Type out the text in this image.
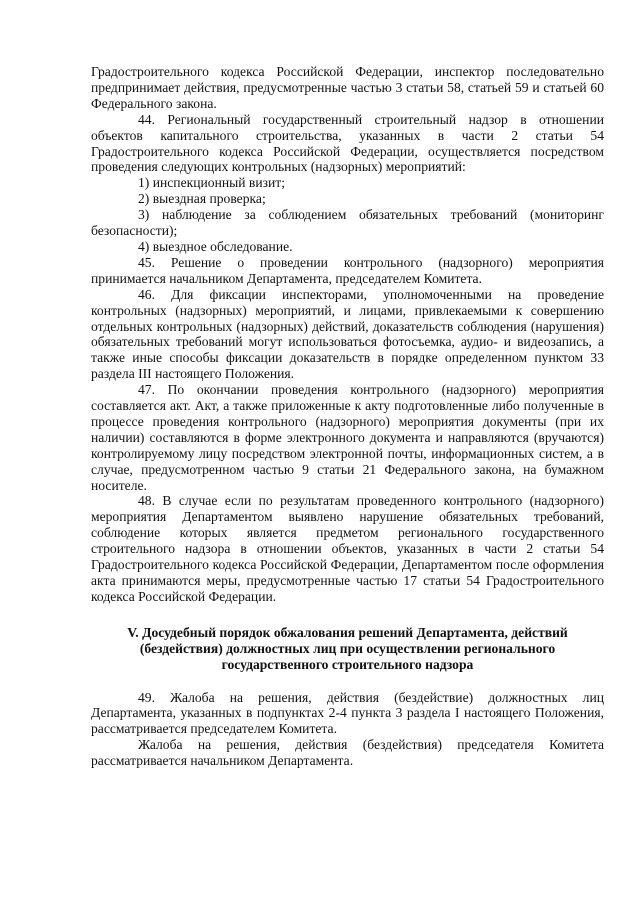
Градостроительного кодекса Российской Федерации, инспектор последовательно предпринимает действия, предусмотренные частью 3 статьи 58, статьей 59 и статьей 60 Федерального закона.

44. Региональный государственный строительный надзор в отношении объектов капитального строительства, указанных в части 2 статьи 54 Градостроительного кодекса Российской Федерации, осуществляется посредством проведения следующих контрольных (надзорных) мероприятий:

1) инспекционный визит;

2) выездная проверка;

3) наблюдение за соблюдением обязательных требований (мониторинг безопасности);

4) выездное обследование.

45. Решение о проведении контрольного (надзорного) мероприятия принимается начальником Департамента, председателем Комитета.

46. Для фиксации инспекторами, уполномоченными на проведение контрольных (надзорных) мероприятий, и лицами, привлекаемыми к совершению отдельных контрольных (надзорных) действий, доказательств соблюдения (нарушения) обязательных требований могут использоваться фотосъемка, аудио- и видеозапись, а также иные способы фиксации доказательств в порядке определенном пунктом 33 раздела III настоящего Положения.

47. По окончании проведения контрольного (надзорного) мероприятия составляется акт. Акт, а также приложенные к акту подготовленные либо полученные в процессе проведения контрольного (надзорного) мероприятия документы (при их наличии) составляются в форме электронного документа и направляются (вручаются) контролируемому лицу посредством электронной почты, информационных систем, а в случае, предусмотренном частью 9 статьи 21 Федерального закона, на бумажном носителе.

48. В случае если по результатам проведенного контрольного (надзорного) мероприятия Департаментом выявлено нарушение обязательных требований, соблюдение которых является предметом регионального государственного строительного надзора в отношении объектов, указанных в части 2 статьи 54 Градостроительного кодекса Российской Федерации, Департаментом после оформления акта принимаются меры, предусмотренные частью 17 статьи 54 Градостроительного кодекса Российской Федерации.

V. Досудебный порядок обжалования решений Департамента, действий (бездействия) должностных лиц при осуществлении регионального государственного строительного надзора

49. Жалоба на решения, действия (бездействие) должностных лиц Департамента, указанных в подпунктах 2-4 пункта 3 раздела I настоящего Положения, рассматривается председателем Комитета.

Жалоба на решения, действия (бездействия) председателя Комитета рассматривается начальником Департамента.
